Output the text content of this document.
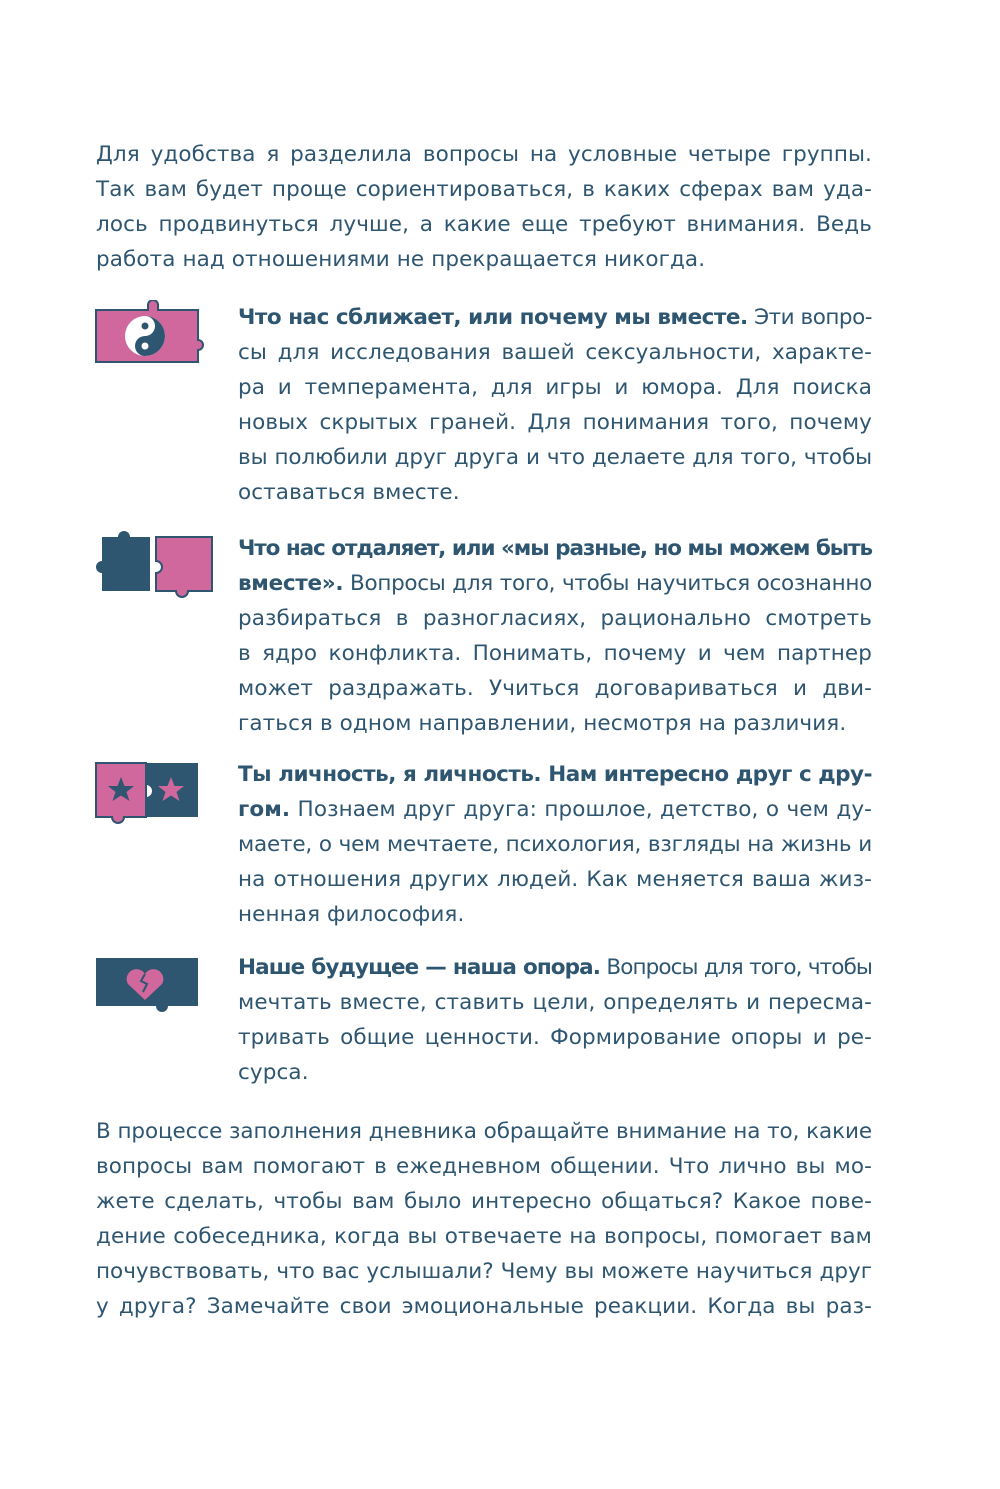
Для удобства я разделила вопросы на условные четыре группы.
Так вам будет проще сориентироваться, в каких сферах вам уда-
лось продвинуться лучше, а какие еще требуют внимания. Ведь
работа над отношениями не прекращается никогда.
Что нас сближает, или почему мы вместе. Эти вопро-
сы для исследования вашей сексуальности, характе-
ра и темперамента, для игры и юмора. Для поиска
новых скрытых граней. Для понимания того, почему
вы полюбили друг друга и что делаете для того, чтобы
оставаться вместе.
Что нас отдаляет, или «мы разные, но мы можем быть
вместе». Вопросы для того, чтобы научиться осознанно
разбираться в разногласиях, рационально смотреть
в ядро конфликта. Понимать, почему и чем партнер
может раздражать. Учиться договариваться и дви-
гаться в одном направлении, несмотря на различия.
Ты личность, я личность. Нам интересно друг с дру-
гом. Познаем друг друга: прошлое, детство, о чем ду-
маете, о чем мечтаете, психология, взгляды на жизнь и
на отношения других людей. Как меняется ваша жиз-
ненная философия.
Наше будущее — наша опора. Вопросы для того, чтобы
мечтать вместе, ставить цели, определять и пересма-
тривать общие ценности. Формирование опоры и ре-
сурса.
В процессе заполнения дневника обращайте внимание на то, какие
вопросы вам помогают в ежедневном общении. Что лично вы мо-
жете сделать, чтобы вам было интересно общаться? Какое пове-
дение собеседника, когда вы отвечаете на вопросы, помогает вам
почувствовать, что вас услышали? Чему вы можете научиться друг
у друга? Замечайте свои эмоциональные реакции. Когда вы раз-
